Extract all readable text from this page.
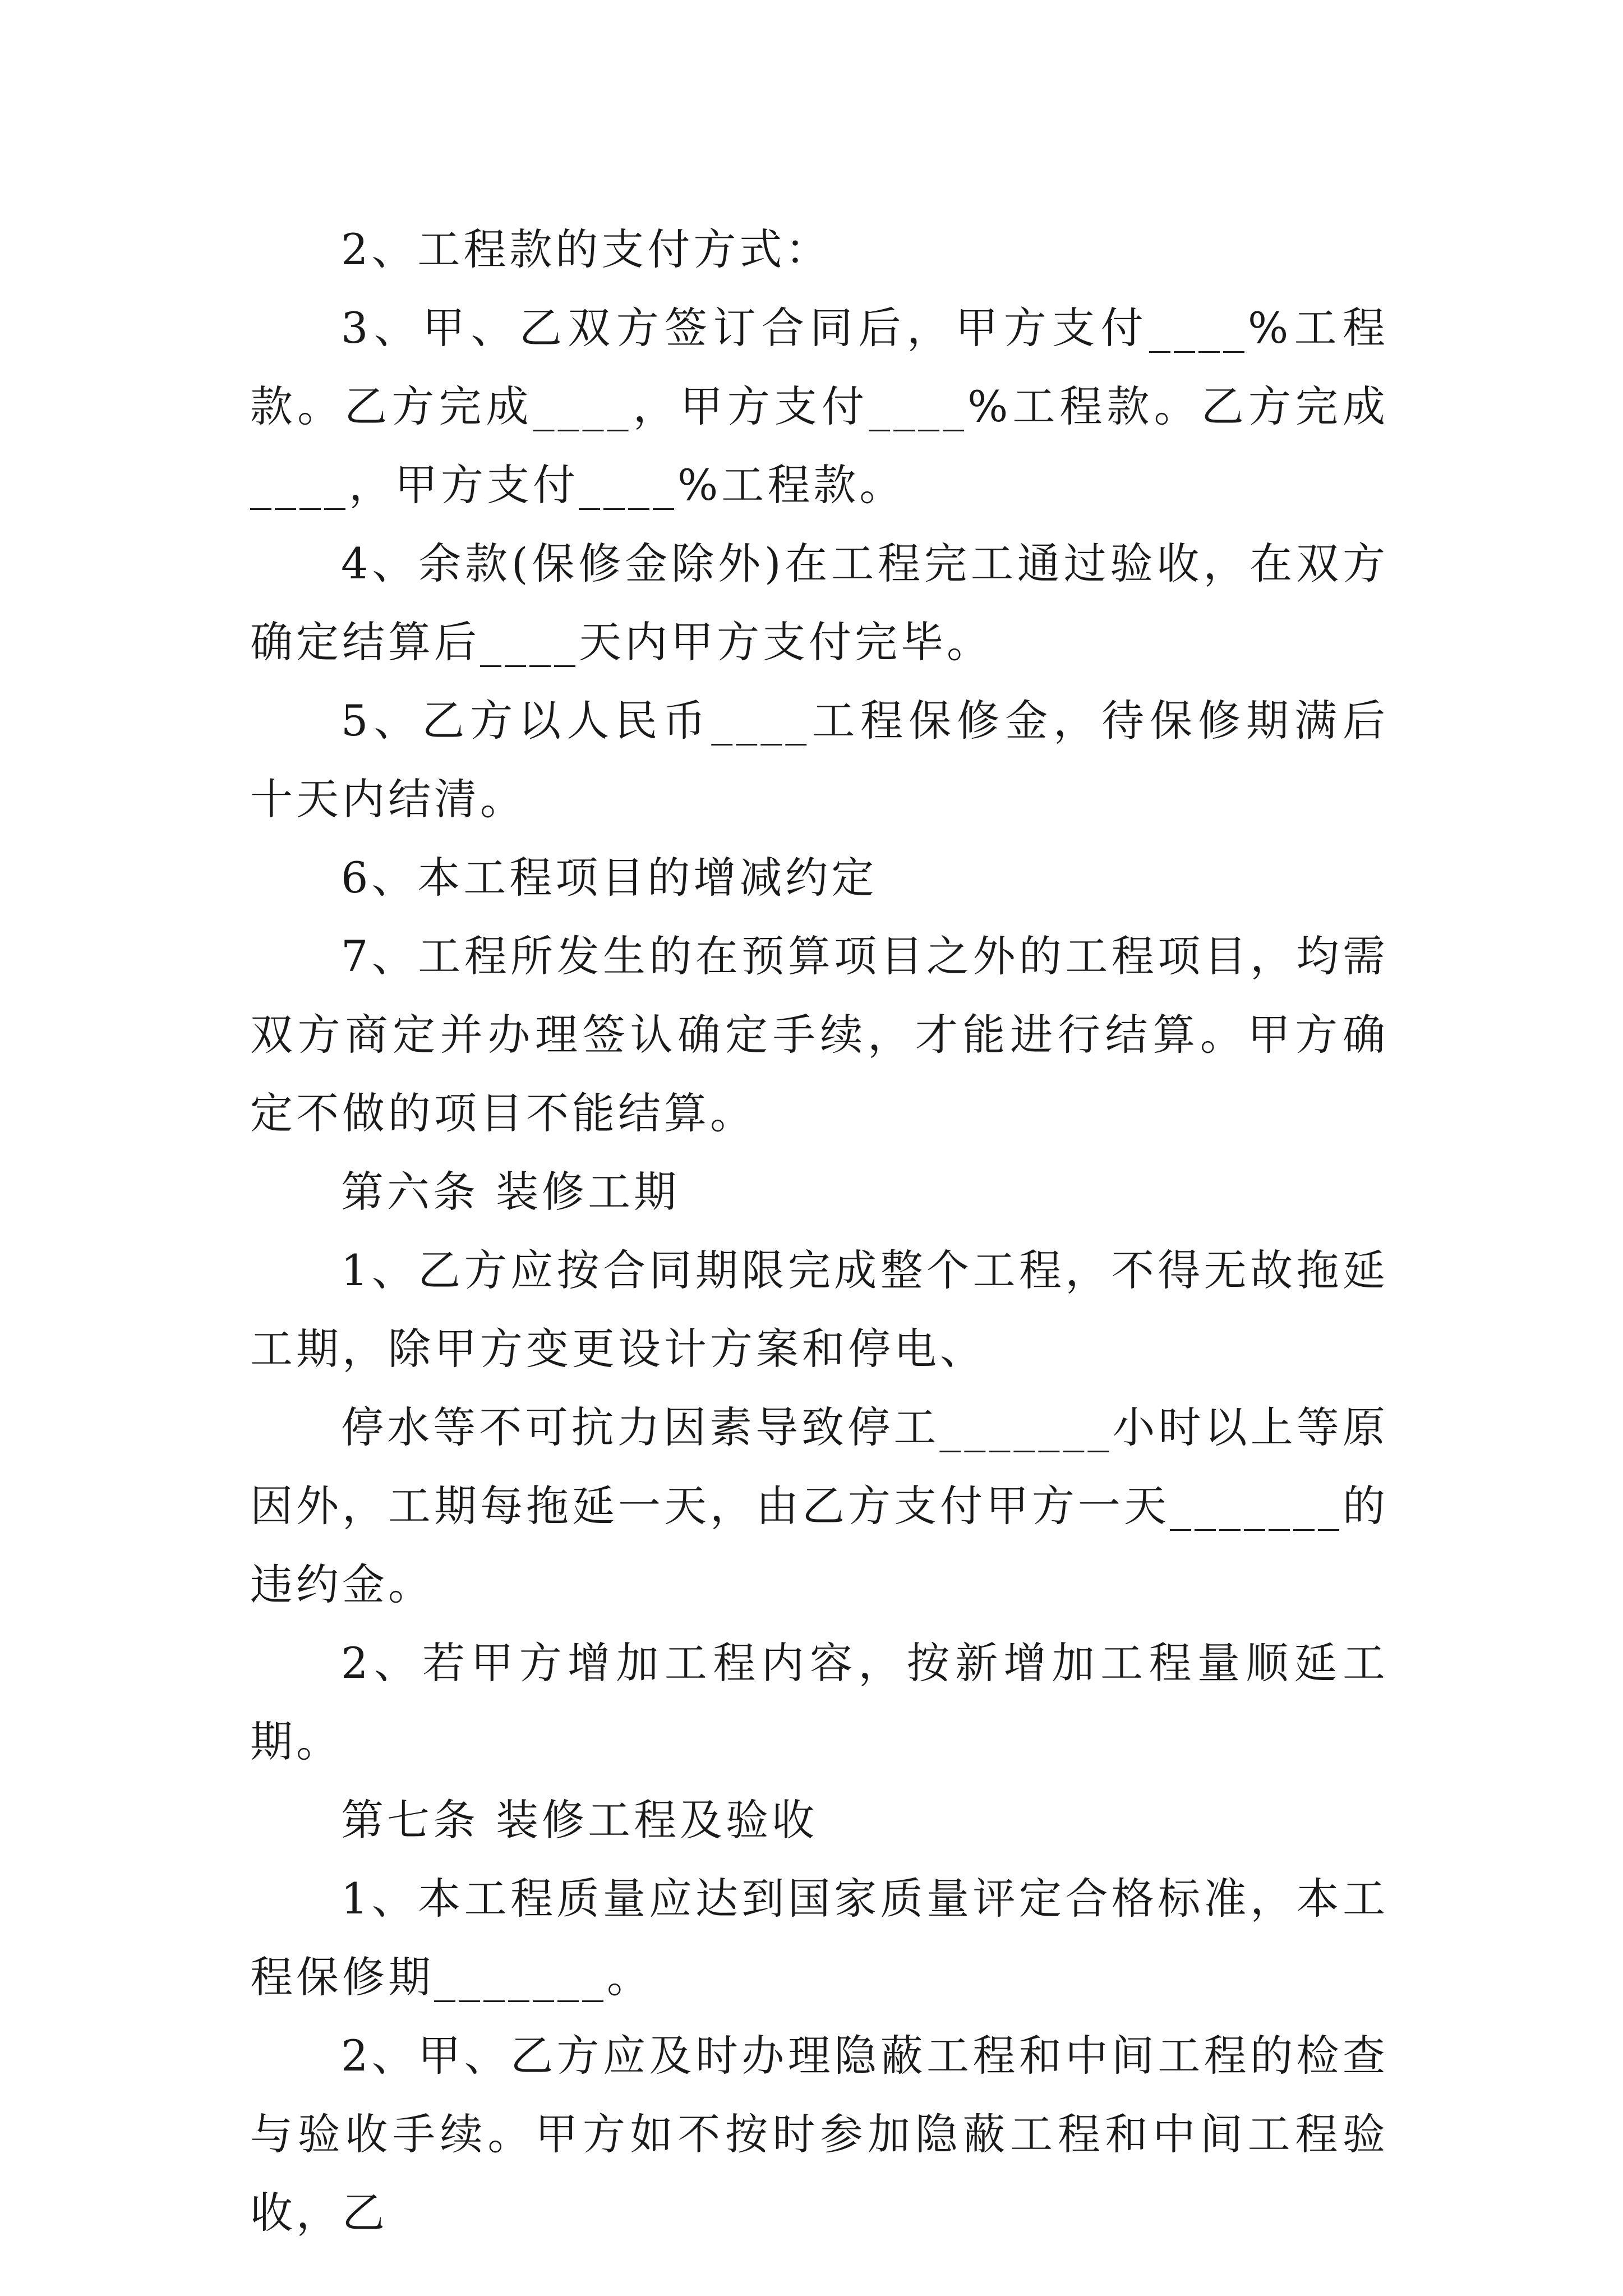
2、工程款的支付方式：

3、甲、乙双方签订合同后，甲方支付____%工程款。乙方完成____，甲方支付____%工程款。乙方完成____，甲方支付____%工程款。

4、余款(保修金除外)在工程完工通过验收，在双方确定结算后____天内甲方支付完毕。

5、乙方以人民币____工程保修金，待保修期满后十天内结清。

6、本工程项目的增减约定

7、工程所发生的在预算项目之外的工程项目，均需双方商定并办理签认确定手续，才能进行结算。甲方确定不做的项目不能结算。

第六条 装修工期

1、乙方应按合同期限完成整个工程，不得无故拖延工期，除甲方变更设计方案和停电、

停水等不可抗力因素导致停工_______小时以上等原因外，工期每拖延一天，由乙方支付甲方一天_______的违约金。

2、若甲方增加工程内容，按新增加工程量顺延工期。

第七条 装修工程及验收

1、本工程质量应达到国家质量评定合格标准，本工程保修期_______。

2、甲、乙方应及时办理隐蔽工程和中间工程的检查与验收手续。甲方如不按时参加隐蔽工程和中间工程验收，乙
